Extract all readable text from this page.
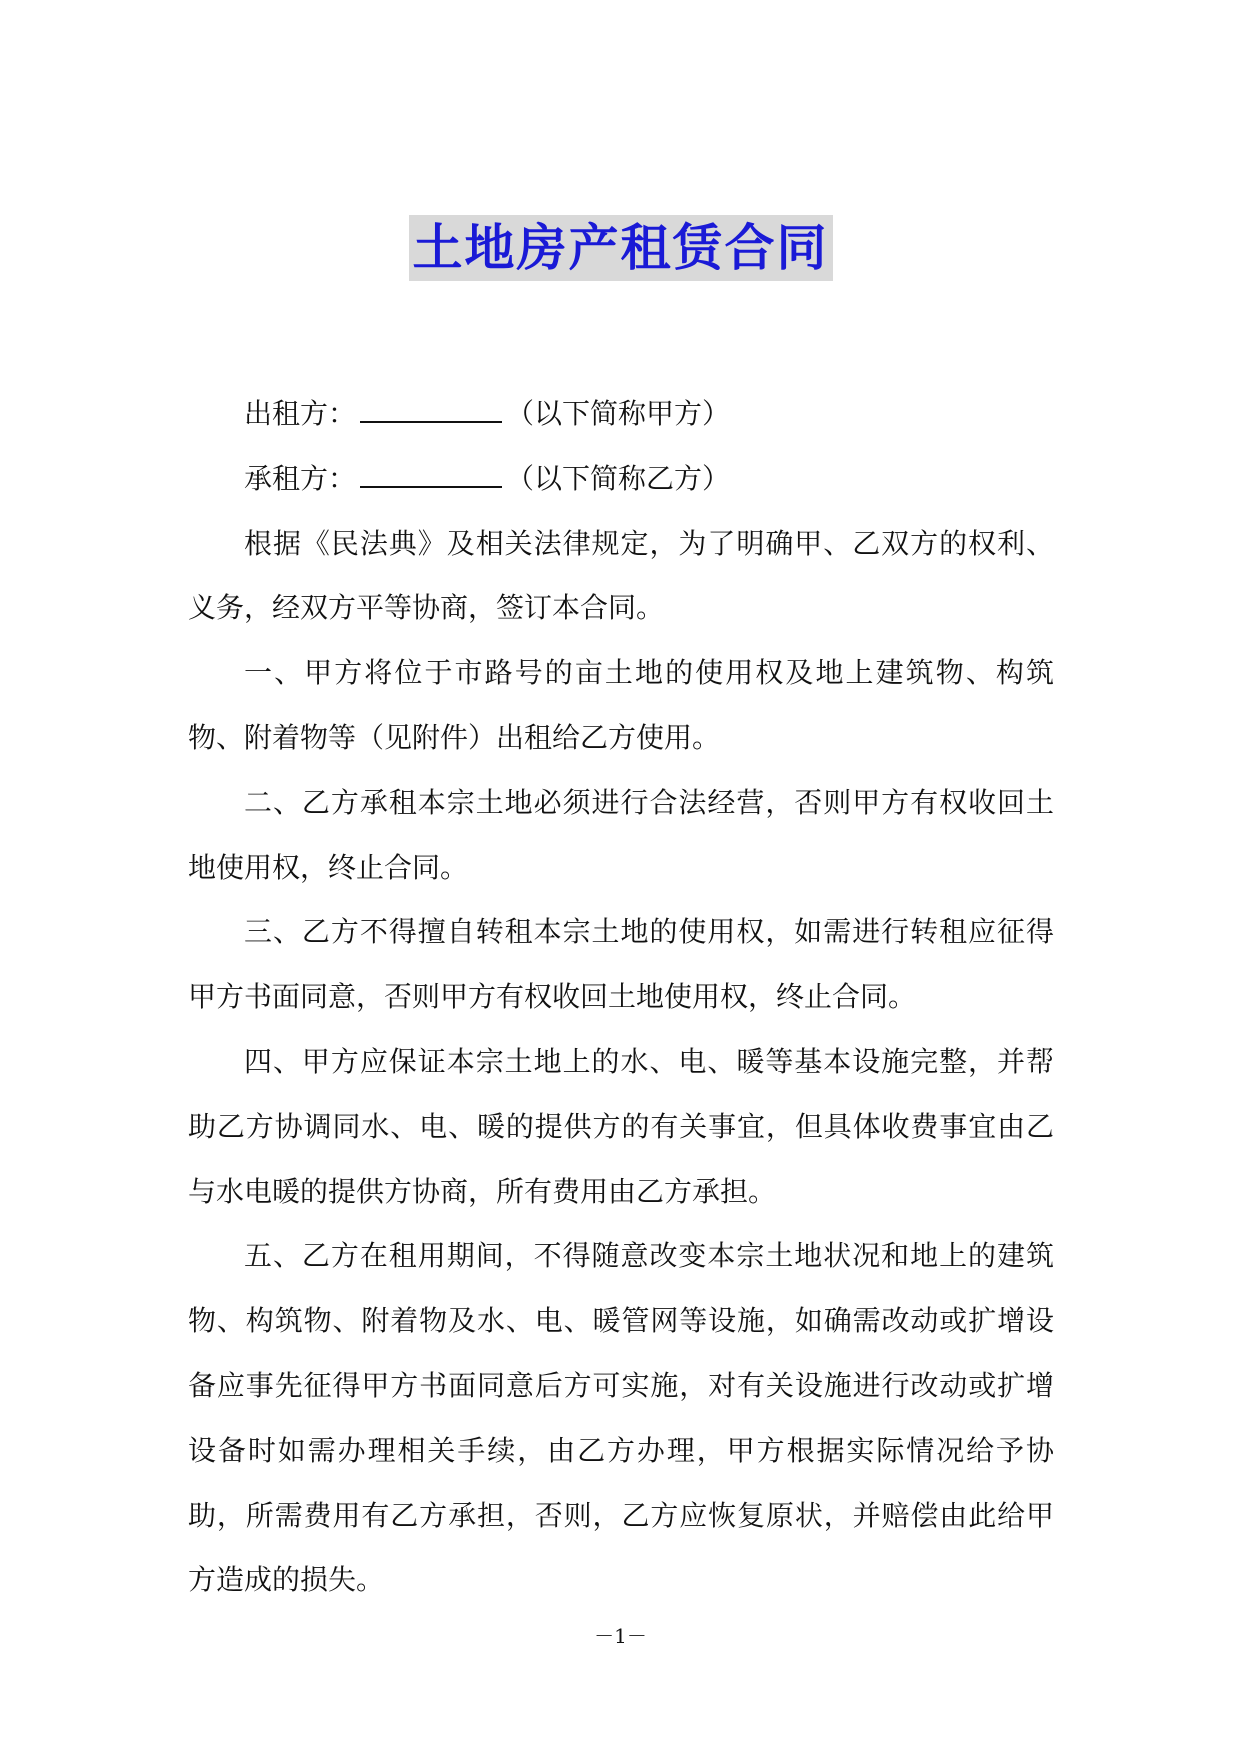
土地房产租赁合同

出租方：	（以下简称甲方）

承租方：	（以下简称乙方）

根据《民法典》及相关法律规定，为了明确甲、乙双方的权利、义务，经双方平等协商，签订本合同。

一、甲方将位于市路号的亩土地的使用权及地上建筑物、构筑物、附着物等（见附件）出租给乙方使用。

二、乙方承租本宗土地必须进行合法经营，否则甲方有权收回土地使用权，终止合同。

三、乙方不得擅自转租本宗土地的使用权，如需进行转租应征得甲方书面同意，否则甲方有权收回土地使用权，终止合同。

四、甲方应保证本宗土地上的水、电、暖等基本设施完整，并帮助乙方协调同水、电、暖的提供方的有关事宜，但具体收费事宜由乙与水电暖的提供方协商，所有费用由乙方承担。

五、乙方在租用期间，不得随意改变本宗土地状况和地上的建筑物、构筑物、附着物及水、电、暖管网等设施，如确需改动或扩增设备应事先征得甲方书面同意后方可实施，对有关设施进行改动或扩增设备时如需办理相关手续，由乙方办理，甲方根据实际情况给予协助，所需费用有乙方承担，否则，乙方应恢复原状，并赔偿由此给甲方造成的损失。

－1－
